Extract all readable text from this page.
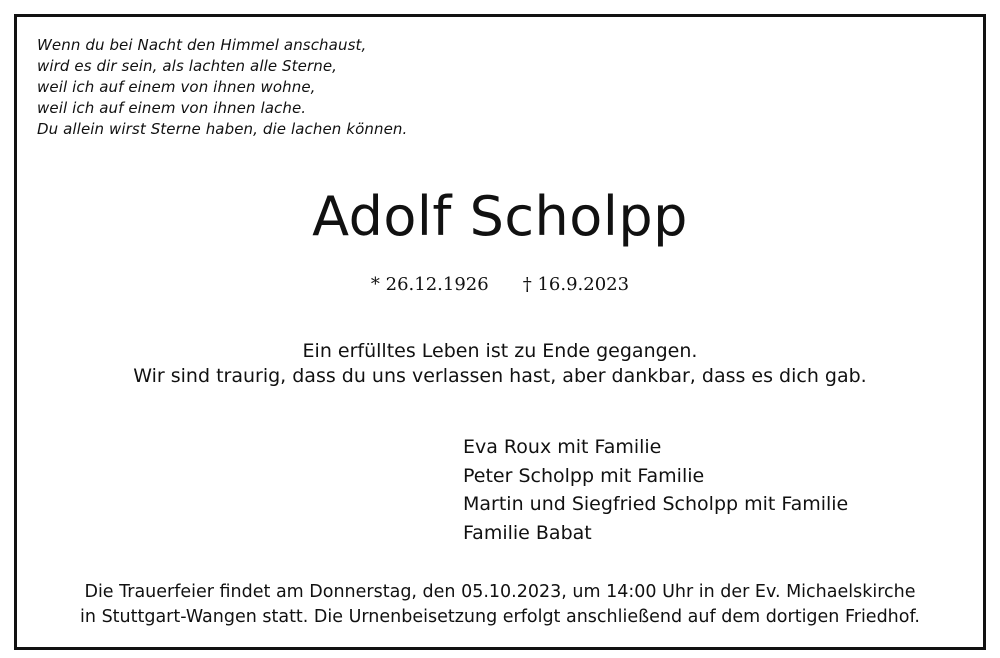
Wenn du bei Nacht den Himmel anschaust,
wird es dir sein, als lachten alle Sterne,
weil ich auf einem von ihnen wohne,
weil ich auf einem von ihnen lache.
Du allein wirst Sterne haben, die lachen können.
Adolf Scholpp
* 26.12.1926 † 16.9.2023
Ein erfülltes Leben ist zu Ende gegangen.
Wir sind traurig, dass du uns verlassen hast, aber dankbar, dass es dich gab.
Eva Roux mit Familie
Peter Scholpp mit Familie
Martin und Siegfried Scholpp mit Familie
Familie Babat
Die Trauerfeier findet am Donnerstag, den 05.10.2023, um 14:00 Uhr in der Ev. Michaelskirche
in Stuttgart-Wangen statt. Die Urnenbeisetzung erfolgt anschließend auf dem dortigen Friedhof.
